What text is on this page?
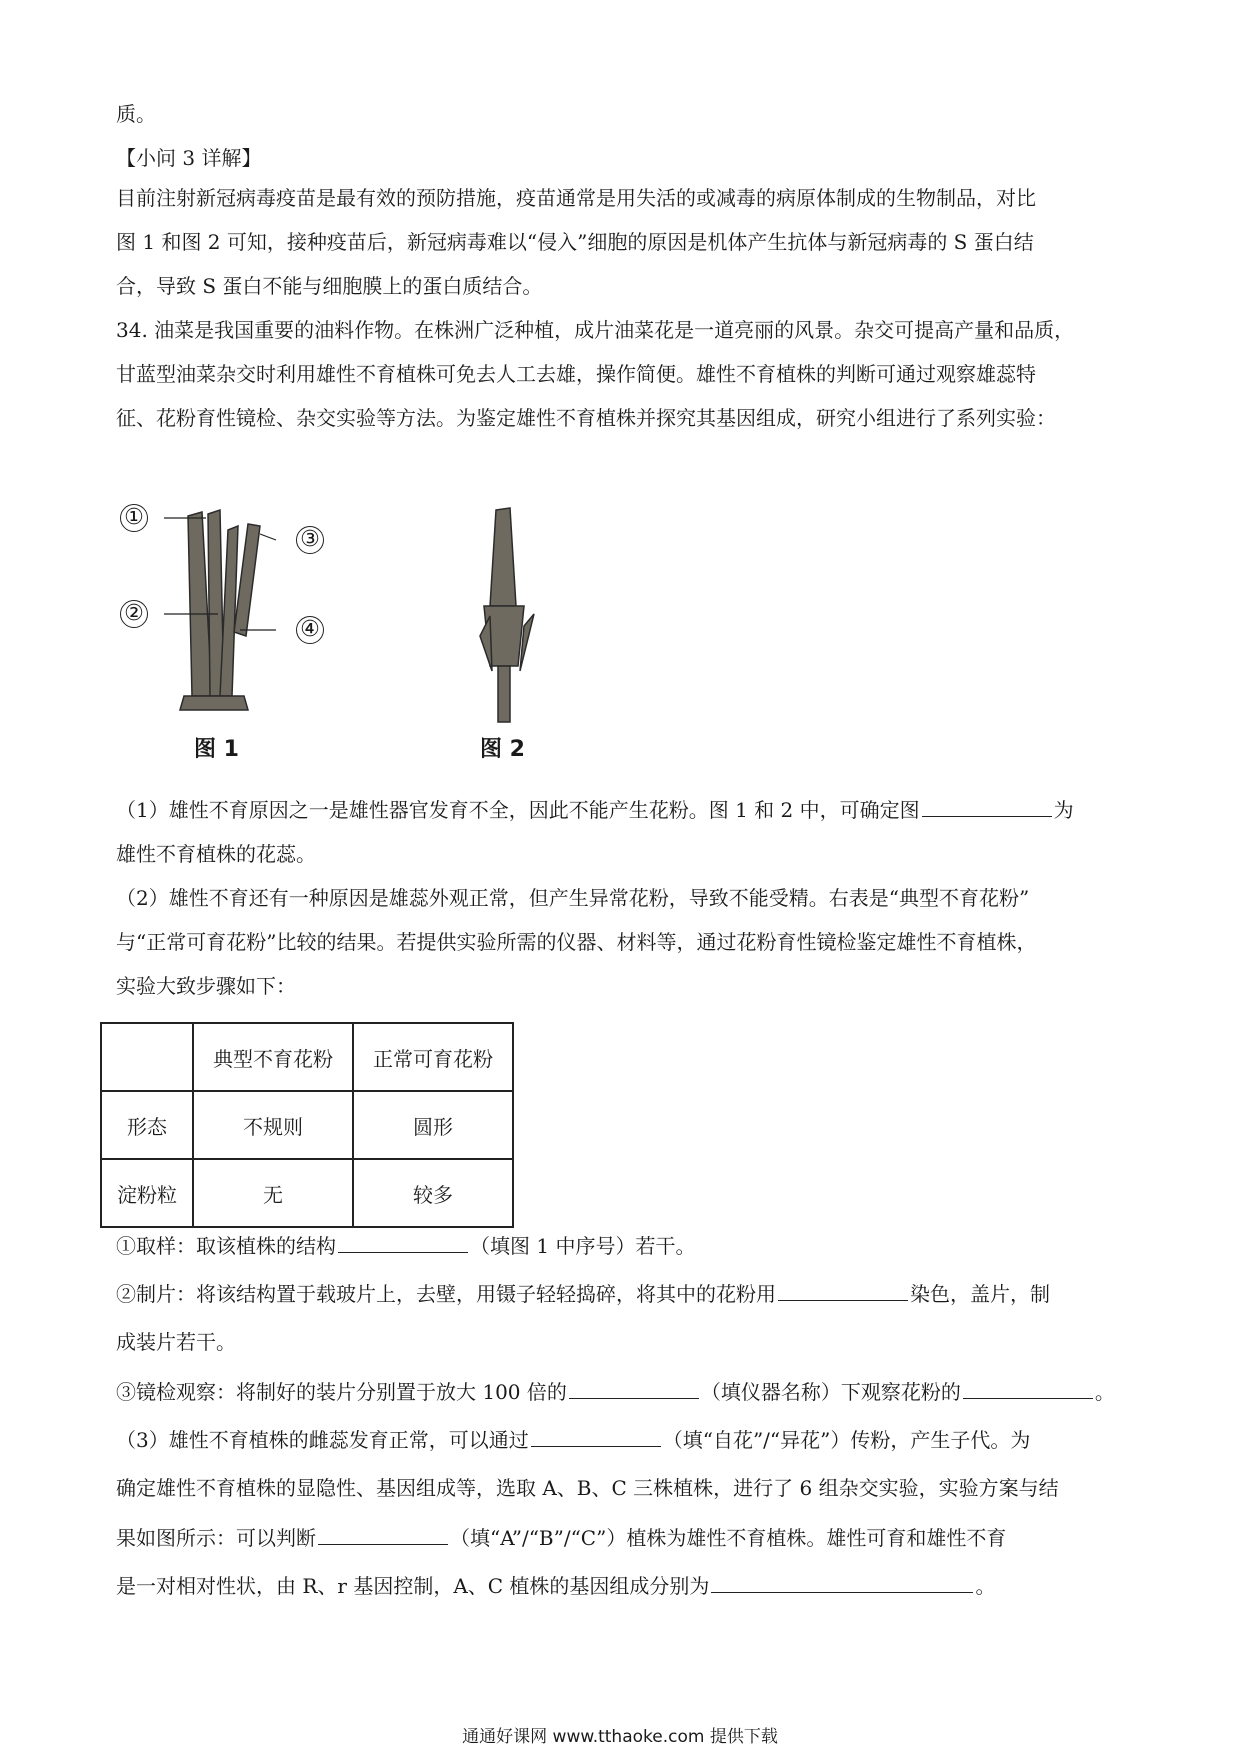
质。
【小问 3 详解】
目前注射新冠病毒疫苗是最有效的预防措施，疫苗通常是用失活的或减毒的病原体制成的生物制品，对比
图 1 和图 2 可知，接种疫苗后，新冠病毒难以“侵入”细胞的原因是机体产生抗体与新冠病毒的 S 蛋白结
合，导致 S 蛋白不能与细胞膜上的蛋白质结合。
34. 油菜是我国重要的油料作物。在株洲广泛种植，成片油菜花是一道亮丽的风景。杂交可提高产量和品质，
甘蓝型油菜杂交时利用雄性不育植株可免去人工去雄，操作简便。雄性不育植株的判断可通过观察雄蕊特
征、花粉育性镜检、杂交实验等方法。为鉴定雄性不育植株并探究其基因组成，研究小组进行了系列实验：
①
②
③
④
图 1	图 2
（1）雄性不育原因之一是雄性器官发育不全，因此不能产生花粉。图 1 和 2 中，可确定图	为
雄性不育植株的花蕊。
（2）雄性不育还有一种原因是雄蕊外观正常，但产生异常花粉，导致不能受精。右表是“典型不育花粉”
与“正常可育花粉”比较的结果。若提供实验所需的仪器、材料等，通过花粉育性镜检鉴定雄性不育植株，
实验大致步骤如下：
	典型不育花粉	正常可育花粉
形态	不规则	圆形
淀粉粒	无	较多
①取样：取该植株的结构	（填图 1 中序号）若干。
②制片：将该结构置于载玻片上，去壁，用镊子轻轻捣碎，将其中的花粉用	染色，盖片，制
成装片若干。
③镜检观察：将制好的装片分别置于放大 100 倍的	（填仪器名称）下观察花粉的	。
（3）雄性不育植株的雌蕊发育正常，可以通过	（填“自花”/“异花”）传粉，产生子代。为
确定雄性不育植株的显隐性、基因组成等，选取 A、B、C 三株植株，进行了 6 组杂交实验，实验方案与结
果如图所示：可以判断	（填“A”/“B”/“C”）植株为雄性不育植株。雄性可育和雄性不育
是一对相对性状，由 R、r 基因控制，A、C 植株的基因组成分别为	。
通通好课网 www.tthaoke.com 提供下载
